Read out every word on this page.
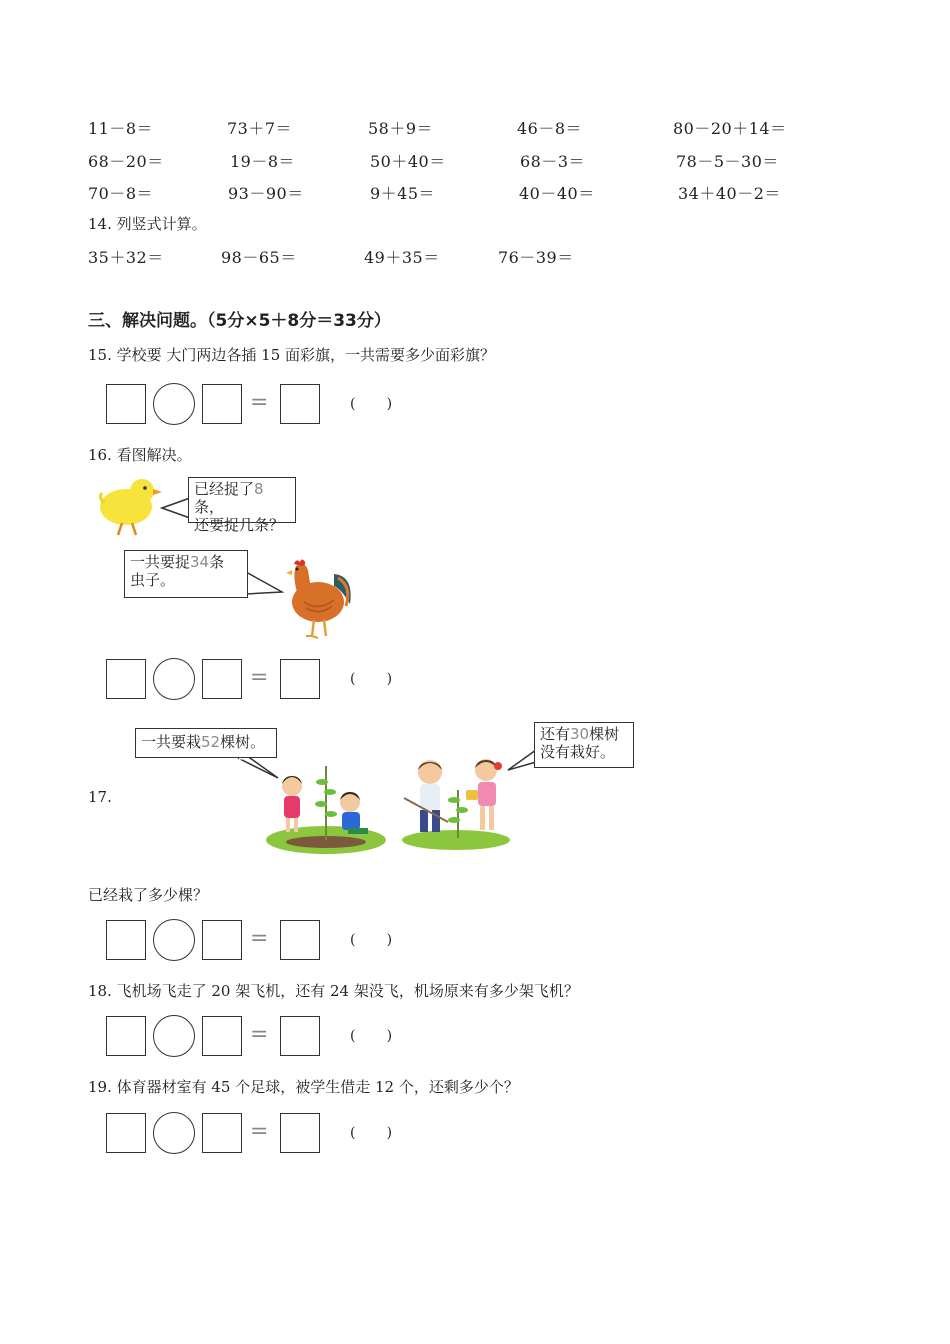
11－8＝	73＋7＝	58＋9＝	46－8＝	80－20＋14＝
68－20＝	19－8＝	50＋40＝	68－3＝	78－5－30＝
70－8＝	93－90＝	9＋45＝	40－40＝	34＋40－2＝
14. 列竖式计算。
35＋32＝	98－65＝	49＋35＝	76－39＝
三、解决问题。（5分×5＋8分＝33分）
15. 学校要 大门两边各插 15 面彩旗，一共需要多少面彩旗？
=	(       )
16. 看图解决。
已经捉了8条，
还要捉几条？
一共要捉34条
虫子。
=	(       )
一共要栽52棵树。	还有30棵树
没有栽好。
17.
已经栽了多少棵？
=	(       )
18. 飞机场飞走了 20 架飞机，还有 24 架没飞，机场原来有多少架飞机？
=	(       )
19. 体育器材室有 45 个足球，被学生借走 12 个，还剩多少个？
=	(       )
